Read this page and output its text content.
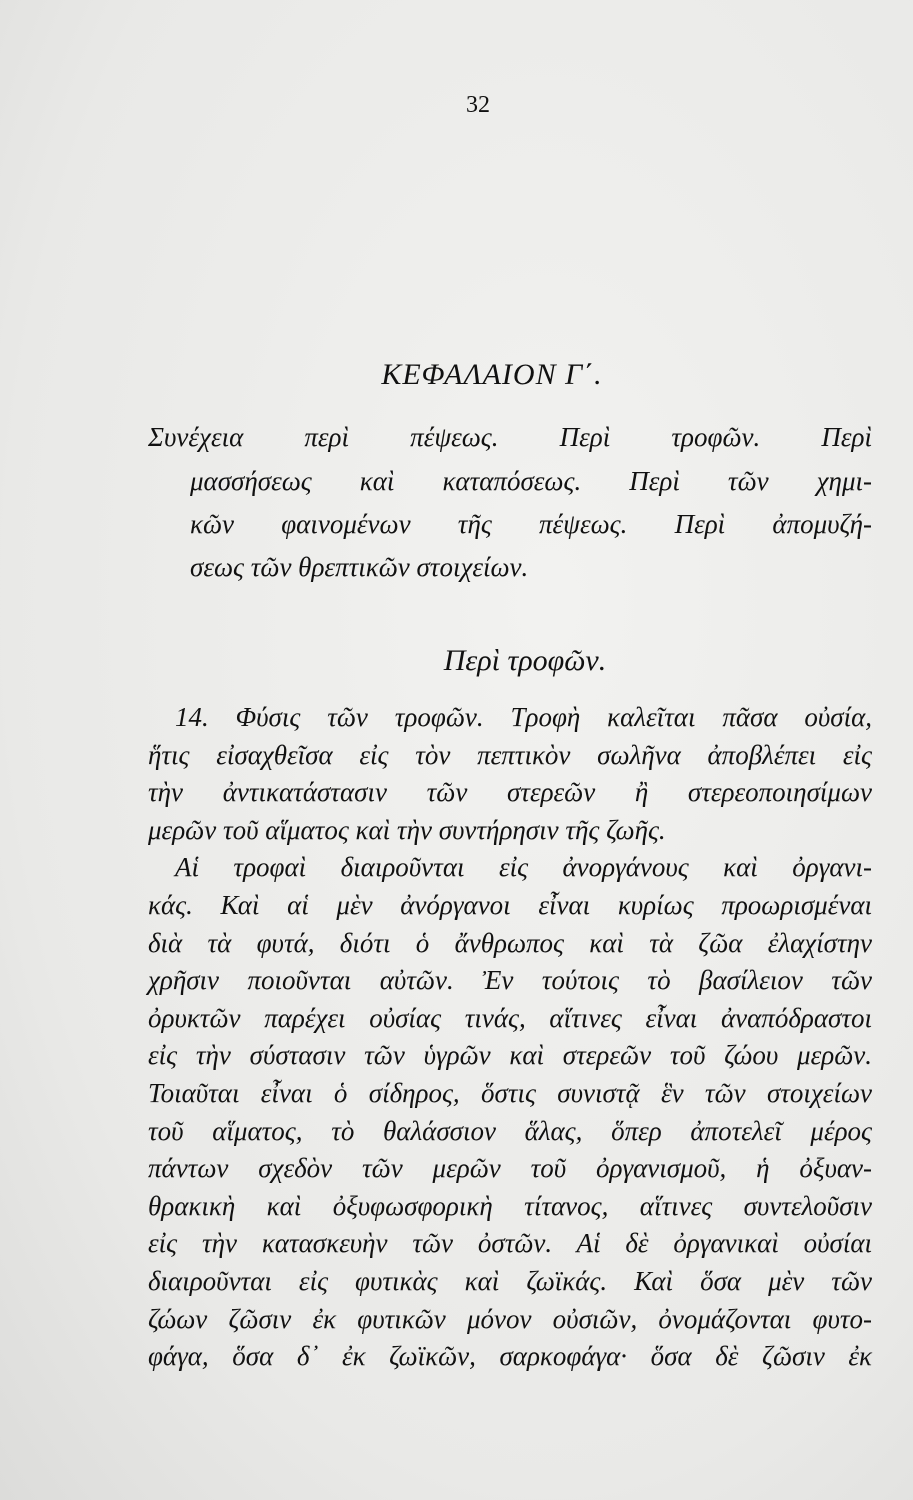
32
ΚΕΦΑΛΑΙΟΝ Γ΄.
Συνέχεια περὶ πέψεως. Περὶ τροφῶν. Περὶ
μασσήσεως καὶ καταπόσεως. Περὶ τῶν χημι-
κῶν φαινομένων τῆς πέψεως. Περὶ ἀπομυζή-
σεως τῶν θρεπτικῶν στοιχείων.
Περὶ τροφῶν.
14. Φύσις τῶν τροφῶν. Τροφὴ καλεῖται πᾶσα οὐσία,
ἥτις εἰσαχθεῖσα εἰς τὸν πεπτικὸν σωλῆνα ἀποβλέπει εἰς
τὴν ἀντικατάστασιν τῶν στερεῶν ἢ στερεοποιησίμων
μερῶν τοῦ αἵματος καὶ τὴν συντήρησιν τῆς ζωῆς.
Αἱ τροφαὶ διαιροῦνται εἰς ἀνοργάνους καὶ ὀργανι-
κάς. Καὶ αἱ μὲν ἀνόργανοι εἶναι κυρίως προωρισμέναι
διὰ τὰ φυτά, διότι ὁ ἄνθρωπος καὶ τὰ ζῶα ἐλαχίστην
χρῆσιν ποιοῦνται αὐτῶν. Ἐν τούτοις τὸ βασίλειον τῶν
ὀρυκτῶν παρέχει οὐσίας τινάς, αἵτινες εἶναι ἀναπόδραστοι
εἰς τὴν σύστασιν τῶν ὑγρῶν καὶ στερεῶν τοῦ ζώου μερῶν.
Τοιαῦται εἶναι ὁ σίδηρος, ὅστις συνιστᾷ ἓν τῶν στοιχείων
τοῦ αἵματος, τὸ θαλάσσιον ἅλας, ὅπερ ἀποτελεῖ μέρος
πάντων σχεδὸν τῶν μερῶν τοῦ ὀργανισμοῦ, ἡ ὀξυαν-
θρακικὴ καὶ ὀξυφωσφορικὴ τίτανος, αἵτινες συντελοῦσιν
εἰς τὴν κατασκευὴν τῶν ὀστῶν. Αἱ δὲ ὀργανικαὶ οὐσίαι
διαιροῦνται εἰς φυτικὰς καὶ ζωϊκάς. Καὶ ὅσα μὲν τῶν
ζώων ζῶσιν ἐκ φυτικῶν μόνον οὐσιῶν, ὀνομάζονται φυτο-
φάγα, ὅσα δ᾽ ἐκ ζωϊκῶν, σαρκοφάγα· ὅσα δὲ ζῶσιν ἐκ
